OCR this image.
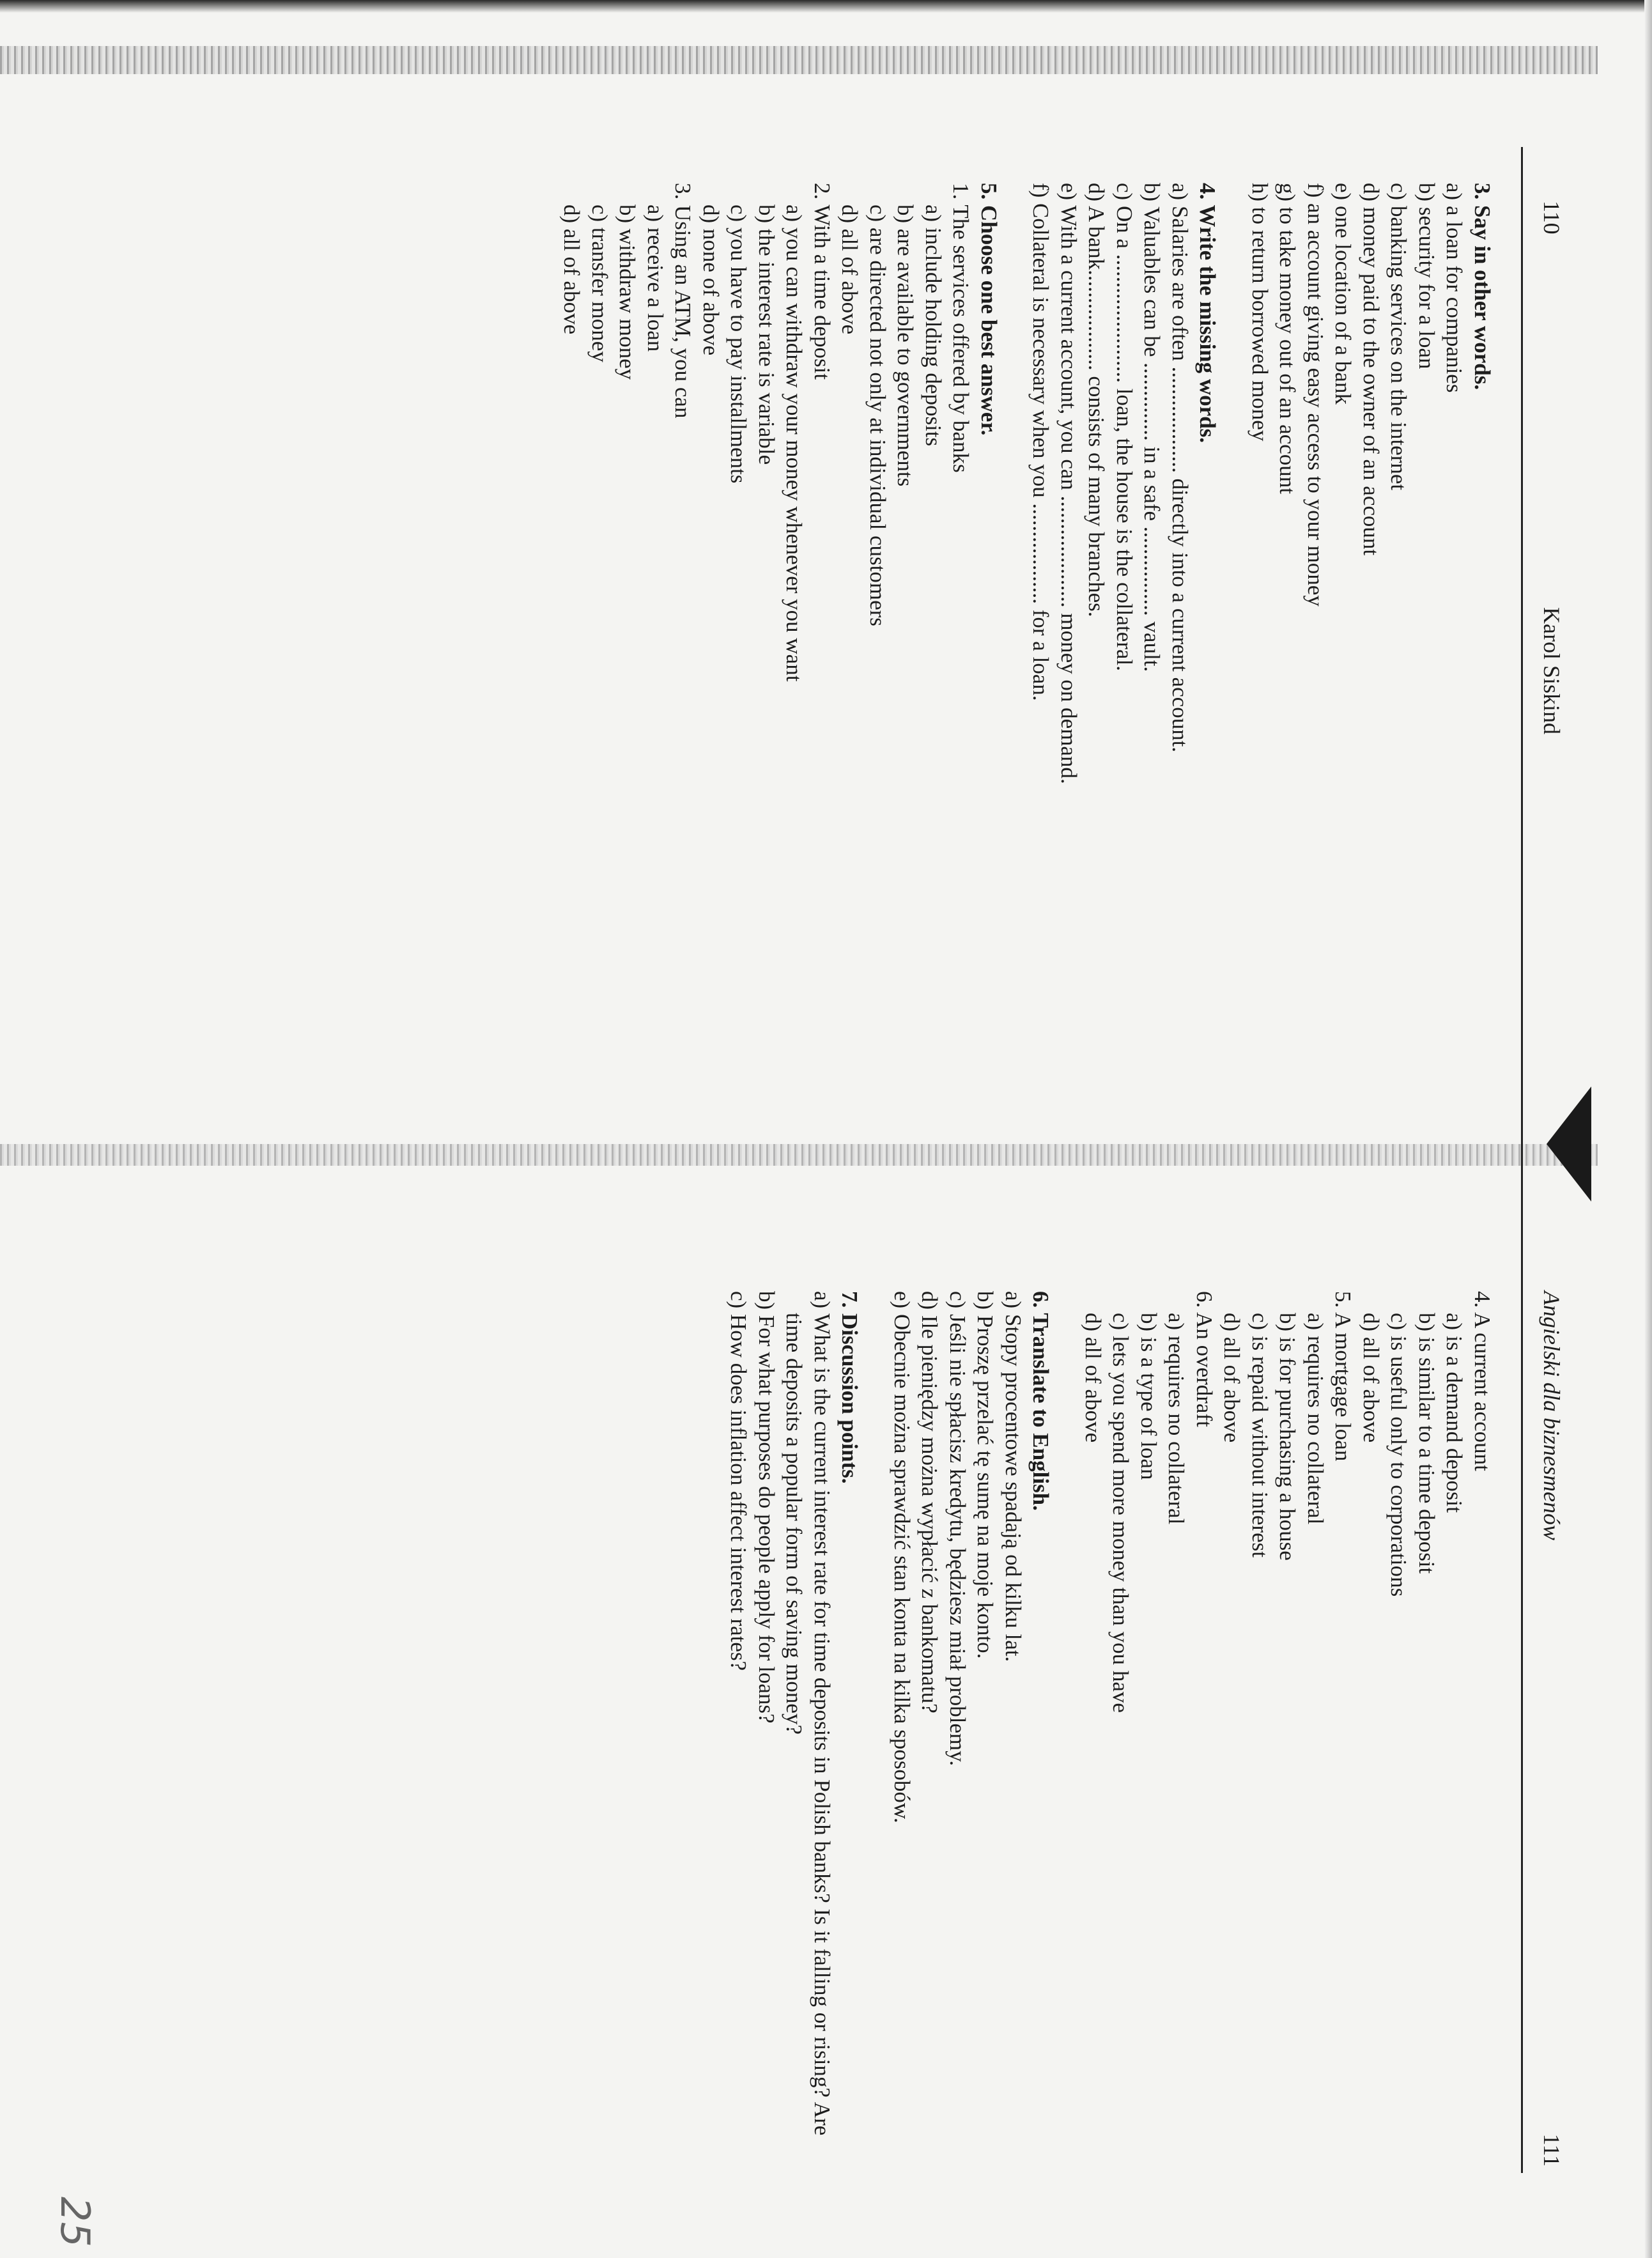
110
Karol Siskind

3. Say in other words.

a) a loan for companies

b) security for a loan

c) banking services on the internet

d) money paid to the owner of an account

e) one location of a bank

f) an account giving easy access to your money

g) to take money out of an account

h) to return borrowed money

4. Write the missing words.

a) Salaries are often ................... directly into a current account.

b) Valuables can be .............. in a safe ................ vault.

c) On a ....................... loan, the house is the collateral.

d) A bank.................. consists of many branches.

e) With a current account, you can .................... money on demand.

f) Collateral is necessary when you .................. for a loan.

5. Choose one best answer.

1. The services offered by banks

a) include holding deposits

b) are available to governments

c) are directed not only at individual customers

d) all of above

2. With a time deposit

a) you can withdraw your money whenever you want

b) the interest rate is variable

c) you have to pay installments

d) none of above

3. Using an ATM, you can

a) receive a loan

b) withdraw money

c) transfer money

d) all of above

Angielski dla biznesmenów
111

4. A current account

a) is a demand deposit

b) is similar to a time deposit

c) is useful only to corporations

d) all of above

5. A mortgage loan

a) requires no collateral

b) is for purchasing a house

c) is repaid without interest

d) all of above

6. An overdraft

a) requires no collateral

b) is a type of loan

c) lets you spend more money than you have

d) all of above

6. Translate to English.

a) Stopy procentowe spadają od kilku lat.

b) Proszę przelać tę sumę na moje konto.

c) Jeśli nie spłacisz kredytu, będziesz miał problemy.

d) Ile pieniędzy można wypłacić z bankomatu?

e) Obecnie można sprawdzić stan konta na kilka sposobów.

7. Discussion points.

a) What is the current interest rate for time deposits in Polish banks? Is it falling or rising? Are time deposits a popular form of saving money?

b) For what purposes do people apply for loans?

c) How does inflation affect interest rates?

25
